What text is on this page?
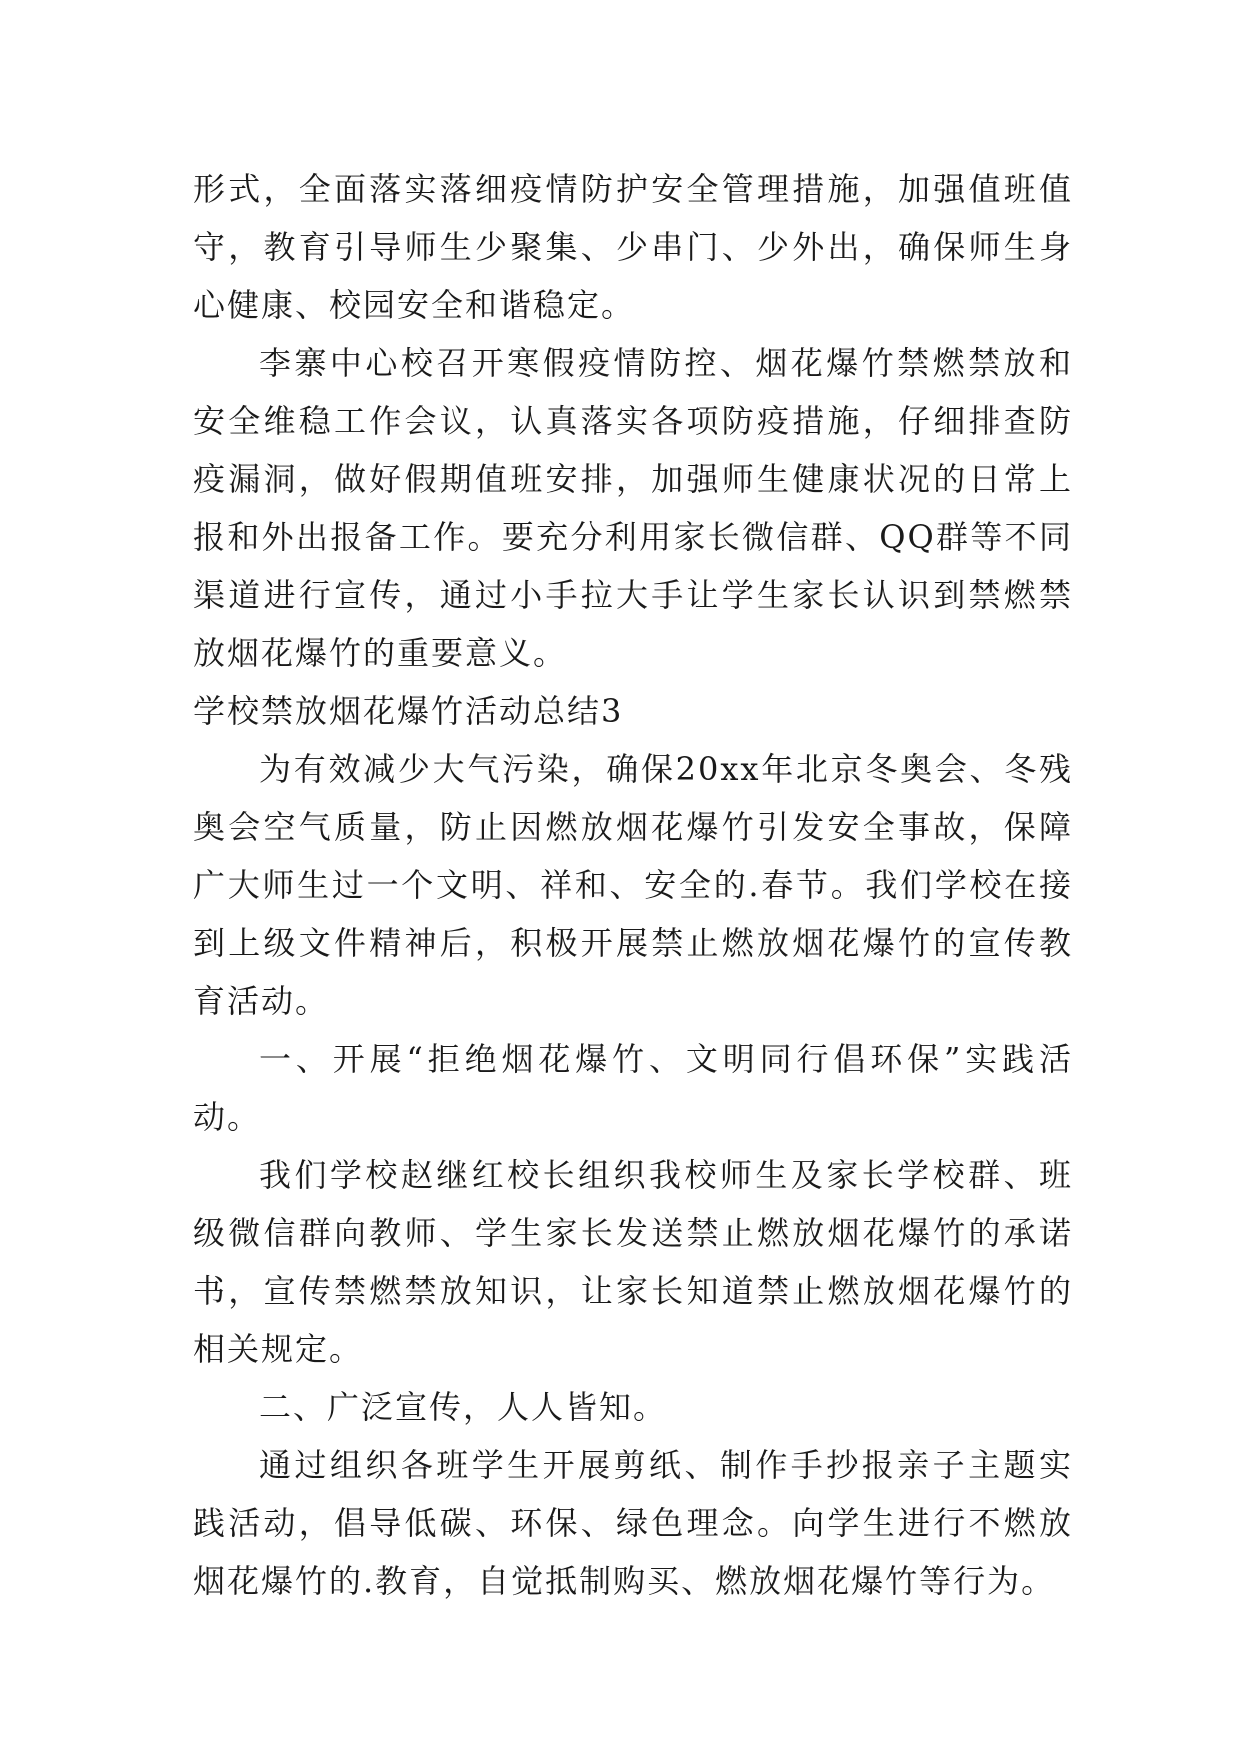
形式，全面落实落细疫情防护安全管理措施，加强值班值守，教育引导师生少聚集、少串门、少外出，确保师生身心健康、校园安全和谐稳定。

李寨中心校召开寒假疫情防控、烟花爆竹禁燃禁放和安全维稳工作会议，认真落实各项防疫措施，仔细排查防疫漏洞，做好假期值班安排，加强师生健康状况的日常上报和外出报备工作。要充分利用家长微信群、QQ群等不同渠道进行宣传，通过小手拉大手让学生家长认识到禁燃禁放烟花爆竹的重要意义。

学校禁放烟花爆竹活动总结3

为有效减少大气污染，确保20xx年北京冬奥会、冬残奥会空气质量，防止因燃放烟花爆竹引发安全事故，保障广大师生过一个文明、祥和、安全的.春节。我们学校在接到上级文件精神后，积极开展禁止燃放烟花爆竹的宣传教育活动。

一、开展“拒绝烟花爆竹、文明同行倡环保”实践活动。

我们学校赵继红校长组织我校师生及家长学校群、班级微信群向教师、学生家长发送禁止燃放烟花爆竹的承诺书，宣传禁燃禁放知识，让家长知道禁止燃放烟花爆竹的相关规定。

二、广泛宣传，人人皆知。

通过组织各班学生开展剪纸、制作手抄报亲子主题实践活动，倡导低碳、环保、绿色理念。向学生进行不燃放烟花爆竹的.教育，自觉抵制购买、燃放烟花爆竹等行为。
